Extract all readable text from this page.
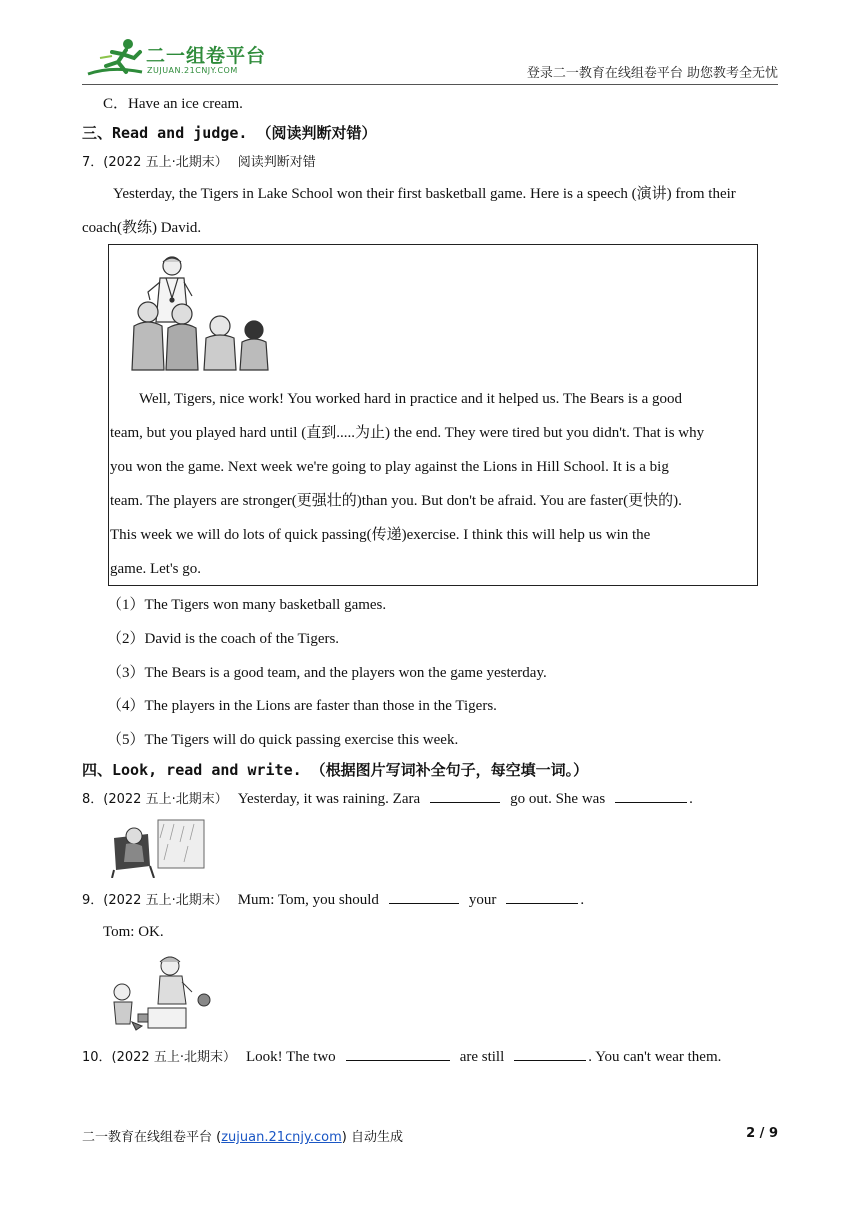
二一组卷平台
ZUJUAN.21CNJY.COM	登录二一教育在线组卷平台 助您教考全无忧
C．Have an ice cream.
三、Read and judge. （阅读判断对错）
7．(2022 五上·北期末） 阅读判断对错
Yesterday, the Tigers in Lake School won their first basketball game. Here is a speech (演讲) from their
coach(教练) David.
Well, Tigers, nice work! You worked hard in practice and it helped us. The Bears is a good
team, but you played hard until (直到.....为止) the end. They were tired but you didn't. That is why
you won the game. Next week we're going to play against the Lions in Hill School. It is a big
team. The players are stronger(更强壮的)than you. But don't be afraid. You are faster(更快的).
This week we will do lots of quick passing(传递)exercise. I think this will help us win the
game. Let's go.
（1）The Tigers won many basketball games.
（2）David is the coach of the Tigers.
（3）The Bears is a good team, and the players won the game yesterday.
（4）The players in the Lions are faster than those in the Tigers.
（5）The Tigers will do quick passing exercise this week.
四、Look, read and write. （根据图片写词补全句子，每空填一词。）
8．(2022 五上·北期末） Yesterday, it was raining. Zara	go out. She was	.
9．(2022 五上·北期末） Mum: Tom, you should	your	.
Tom: OK.
10．(2022 五上·北期末） Look! The two	are still	. You can't wear them.
二一教育在线组卷平台 (zujuan.21cnjy.com) 自动生成	2 / 9
